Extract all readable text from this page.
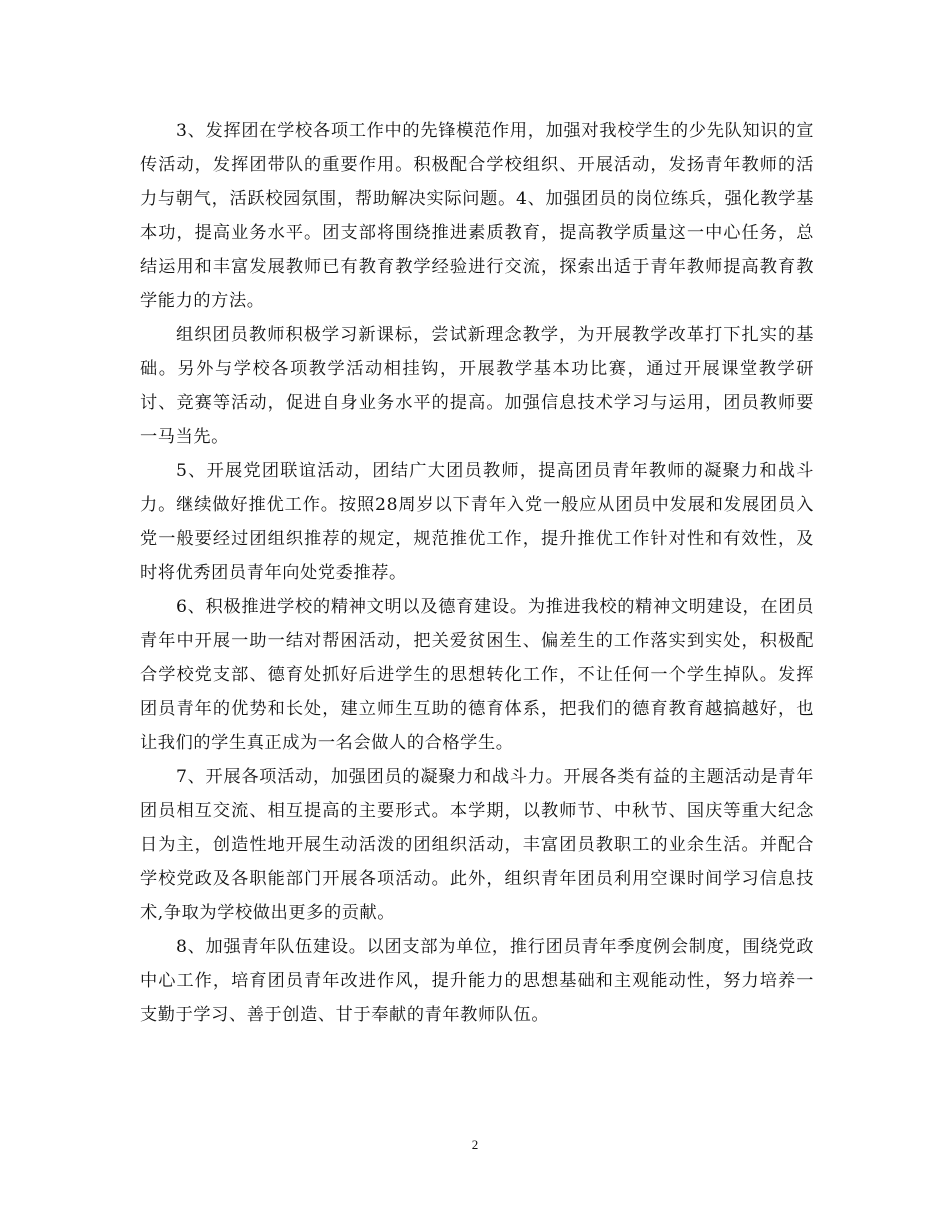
3、发挥团在学校各项工作中的先锋模范作用，加强对我校学生的少先队知识的宣传活动，发挥团带队的重要作用。积极配合学校组织、开展活动，发扬青年教师的活力与朝气，活跃校园氛围，帮助解决实际问题。4、加强团员的岗位练兵，强化教学基本功，提高业务水平。团支部将围绕推进素质教育，提高教学质量这一中心任务，总结运用和丰富发展教师已有教育教学经验进行交流，探索出适于青年教师提高教育教学能力的方法。

组织团员教师积极学习新课标，尝试新理念教学，为开展教学改革打下扎实的基础。另外与学校各项教学活动相挂钩，开展教学基本功比赛，通过开展课堂教学研讨、竞赛等活动，促进自身业务水平的提高。加强信息技术学习与运用，团员教师要一马当先。

5、开展党团联谊活动，团结广大团员教师，提高团员青年教师的凝聚力和战斗力。继续做好推优工作。按照28周岁以下青年入党一般应从团员中发展和发展团员入党一般要经过团组织推荐的规定，规范推优工作，提升推优工作针对性和有效性，及时将优秀团员青年向处党委推荐。

6、积极推进学校的精神文明以及德育建设。为推进我校的精神文明建设，在团员青年中开展一助一结对帮困活动，把关爱贫困生、偏差生的工作落实到实处，积极配合学校党支部、德育处抓好后进学生的思想转化工作，不让任何一个学生掉队。发挥团员青年的优势和长处，建立师生互助的德育体系，把我们的德育教育越搞越好，也让我们的学生真正成为一名会做人的合格学生。

7、开展各项活动，加强团员的凝聚力和战斗力。开展各类有益的主题活动是青年团员相互交流、相互提高的主要形式。本学期，以教师节、中秋节、国庆等重大纪念日为主，创造性地开展生动活泼的团组织活动，丰富团员教职工的业余生活。并配合学校党政及各职能部门开展各项活动。此外，组织青年团员利用空课时间学习信息技术,争取为学校做出更多的贡献。

8、加强青年队伍建设。以团支部为单位，推行团员青年季度例会制度，围绕党政中心工作，培育团员青年改进作风，提升能力的思想基础和主观能动性，努力培养一支勤于学习、善于创造、甘于奉献的青年教师队伍。

2
